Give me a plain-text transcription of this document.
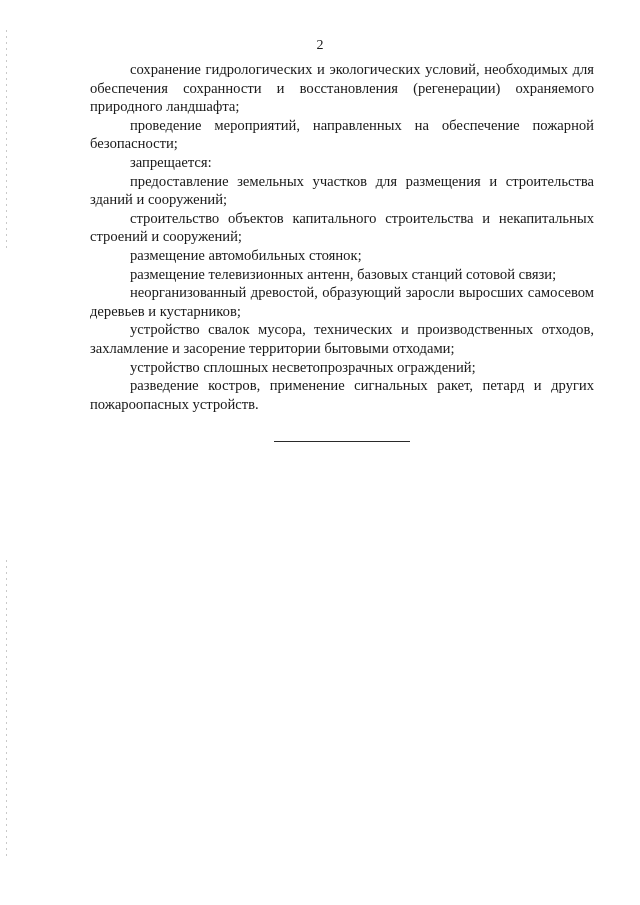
2

сохранение гидрологических и экологических условий, необходимых для обеспечения сохранности и восстановления (регенерации) охраняемого природного ландшафта;

проведение мероприятий, направленных на обеспечение пожарной безопасности;

запрещается:

предоставление земельных участков для размещения и строительства зданий и сооружений;

строительство объектов капитального строительства и некапитальных строений и сооружений;

размещение автомобильных стоянок;

размещение телевизионных антенн, базовых станций сотовой связи;

неорганизованный древостой, образующий заросли выросших самосевом деревьев и кустарников;

устройство свалок мусора, технических и производственных отходов, захламление и засорение территории бытовыми отходами;

устройство сплошных несветопрозрачных ограждений;

разведение костров, применение сигнальных ракет, петард и других пожароопасных устройств.
